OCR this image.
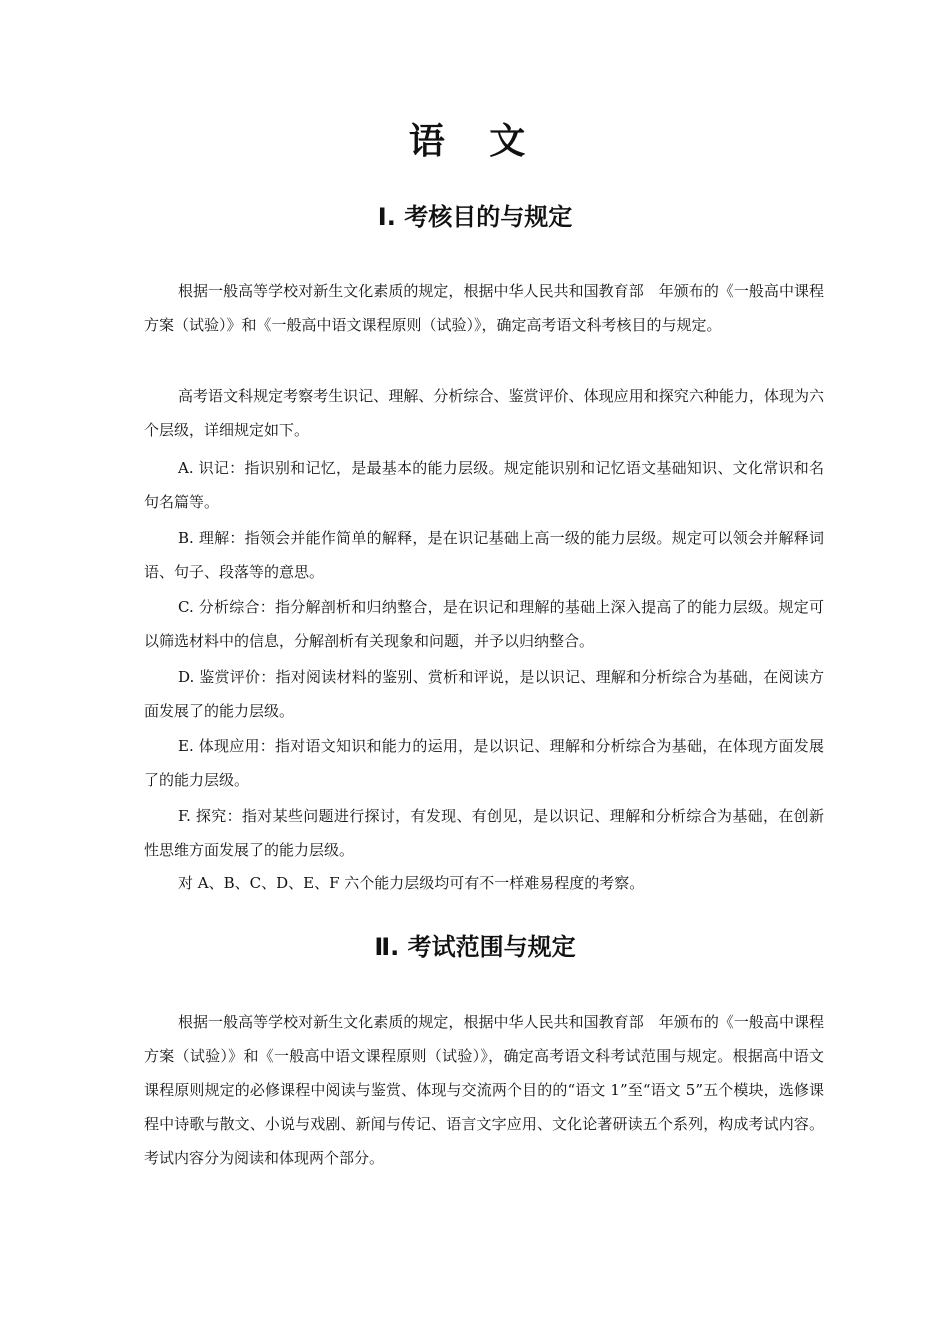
语 文
Ⅰ. 考核目的与规定

根据一般高等学校对新生文化素质的规定，根据中华人民共和国教育部　年颁布的《一般高中课程方案（试验）》和《一般高中语文课程原则（试验）》，确定高考语文科考核目的与规定。

高考语文科规定考察考生识记、理解、分析综合、鉴赏评价、体现应用和探究六种能力，体现为六个层级，详细规定如下。

A. 识记：指识别和记忆，是最基本的能力层级。规定能识别和记忆语文基础知识、文化常识和名句名篇等。

B. 理解：指领会并能作简单的解释，是在识记基础上高一级的能力层级。规定可以领会并解释词语、句子、段落等的意思。

C. 分析综合：指分解剖析和归纳整合，是在识记和理解的基础上深入提高了的能力层级。规定可以筛选材料中的信息，分解剖析有关现象和问题，并予以归纳整合。

D. 鉴赏评价：指对阅读材料的鉴别、赏析和评说，是以识记、理解和分析综合为基础，在阅读方面发展了的能力层级。

E. 体现应用：指对语文知识和能力的运用，是以识记、理解和分析综合为基础，在体现方面发展了的能力层级。

F. 探究：指对某些问题进行探讨，有发现、有创见，是以识记、理解和分析综合为基础，在创新性思维方面发展了的能力层级。

对 A、B、C、D、E、F 六个能力层级均可有不一样难易程度的考察。

Ⅱ. 考试范围与规定

根据一般高等学校对新生文化素质的规定，根据中华人民共和国教育部　年颁布的《一般高中课程方案（试验）》和《一般高中语文课程原则（试验）》，确定高考语文科考试范围与规定。根据高中语文课程原则规定的必修课程中阅读与鉴赏、体现与交流两个目的的“语文 1”至“语文 5”五个模块，选修课程中诗歌与散文、小说与戏剧、新闻与传记、语言文字应用、文化论著研读五个系列，构成考试内容。考试内容分为阅读和体现两个部分。
